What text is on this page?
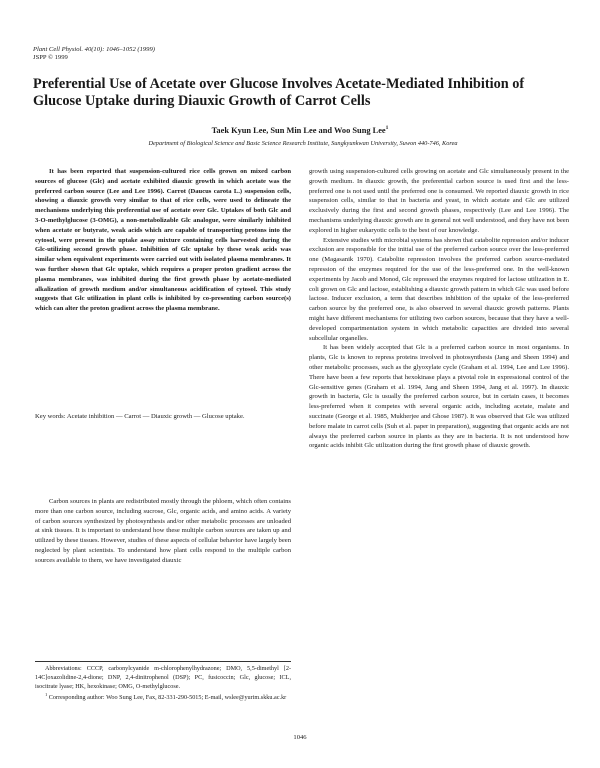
Plant Cell Physiol. 40(10): 1046–1052 (1999)
JSPP © 1999
Preferential Use of Acetate over Glucose Involves Acetate-Mediated Inhibition of Glucose Uptake during Diauxic Growth of Carrot Cells
Taek Kyun Lee, Sun Min Lee and Woo Sung Lee$^1$
Department of Biological Science and Basic Science Research Institute, Sungkyunkwan University, Suwon 440-746, Korea

It has been reported that suspension-cultured rice cells grown on mixed carbon sources of glucose (Glc) and acetate exhibited diauxic growth in which acetate was the preferred carbon source (Lee and Lee 1996). Carrot (Daucus carota L.) suspension cells, showing a diauxic growth very similar to that of rice cells, were used to delineate the mechanisms underlying this preferential use of acetate over Glc. Uptakes of both Glc and 3-O-methylglucose (3-OMG), a non-metabolizable Glc analogue, were similarly inhibited when acetate or butyrate, weak acids which are capable of transporting protons into the cytosol, were present in the uptake assay mixture containing cells harvested during the Glc-utilizing second growth phase. Inhibition of Glc uptake by these weak acids was similar when equivalent experiments were carried out with isolated plasma membranes. It was further shown that Glc uptake, which requires a proper proton gradient across the plasma membranes, was inhibited during the first growth phase by acetate-mediated alkalization of growth medium and/or simultaneous acidification of cytosol. This study suggests that Glc utilization in plant cells is inhibited by co-presenting carbon source(s) which can alter the proton gradient across the plasma membrane.

Key words: Acetate inhibition — Carrot — Diauxic growth — Glucose uptake.

Carbon sources in plants are redistributed mostly through the phloem, which often contains more than one carbon source, including sucrose, Glc, organic acids, and amino acids. A variety of carbon sources synthesized by photosynthesis and/or other metabolic processes are unloaded at sink tissues. It is important to understand how these multiple carbon sources are taken up and utilized by these tissues. However, studies of these aspects of cellular behavior have largely been neglected by plant scientists. To understand how plant cells respond to the multiple carbon sources available to them, we have investigated diauxic

Abbreviations: CCCP, carbonylcyanide m-chlorophenylhydrazone; DMO, 5,5-dimethyl [2-14C]oxazolidine-2,4-dione; DNP, 2,4-dinitrophenol (DSP); PC, fusicoccin; Glc, glucose; ICL, isocitrate lyase; HK, hexokinase; OMG, O-methylglucose.

$^1$ Corresponding author: Woo Sung Lee, Fax, 82-331-290-5015; E-mail, wslee@yurim.skku.ac.kr

growth using suspension-cultured cells growing on acetate and Glc simultaneously present in the growth medium. In diauxic growth, the preferential carbon source is used first and the less-preferred one is not used until the preferred one is consumed. We reported diauxic growth in rice suspension cells, similar to that in bacteria and yeast, in which acetate and Glc are utilized exclusively during the first and second growth phases, respectively (Lee and Lee 1996). The mechanisms underlying diauxic growth are in general not well understood, and they have not been explored in higher eukaryotic cells to the best of our knowledge.

Extensive studies with microbial systems has shown that catabolite repression and/or inducer exclusion are responsible for the initial use of the preferred carbon source over the less-preferred one (Magasanik 1970). Catabolite repression involves the preferred carbon source-mediated repression of the enzymes required for the use of the less-preferred one. In the well-known experiments by Jacob and Monod, Glc repressed the enzymes required for lactose utilization in E. coli grown on Glc and lactose, establishing a diauxic growth pattern in which Glc was used before lactose. Inducer exclusion, a term that describes inhibition of the uptake of the less-preferred carbon source by the preferred one, is also observed in several diauxic growth patterns. Plants might have different mechanisms for utilizing two carbon sources, because that they have a well-developed compartmentation system in which metabolic capacities are divided into several subcellular organelles.

It has been widely accepted that Glc is a preferred carbon source in most organisms. In plants, Glc is known to repress proteins involved in photosynthesis (Jang and Sheen 1994) and other metabolic processes, such as the glyoxylate cycle (Graham et al. 1994, Lee and Lee 1996). There have been a few reports that hexokinase plays a pivotal role in expressional control of the Glc-sensitive genes (Graham et al. 1994, Jang and Sheen 1994, Jang et al. 1997). In diauxic growth in bacteria, Glc is usually the preferred carbon source, but in certain cases, it becomes less-preferred when it competes with several organic acids, including acetate, malate and succinate (George et al. 1985, Mukherjee and Ghose 1987). It was observed that Glc was utilized before malate in carrot cells (Suh et al. paper in preparation), suggesting that organic acids are not always the preferred carbon source in plants as they are in bacteria. It is not understood how organic acids inhibit Glc utilization during the first growth phase of diauxic growth.

1046
